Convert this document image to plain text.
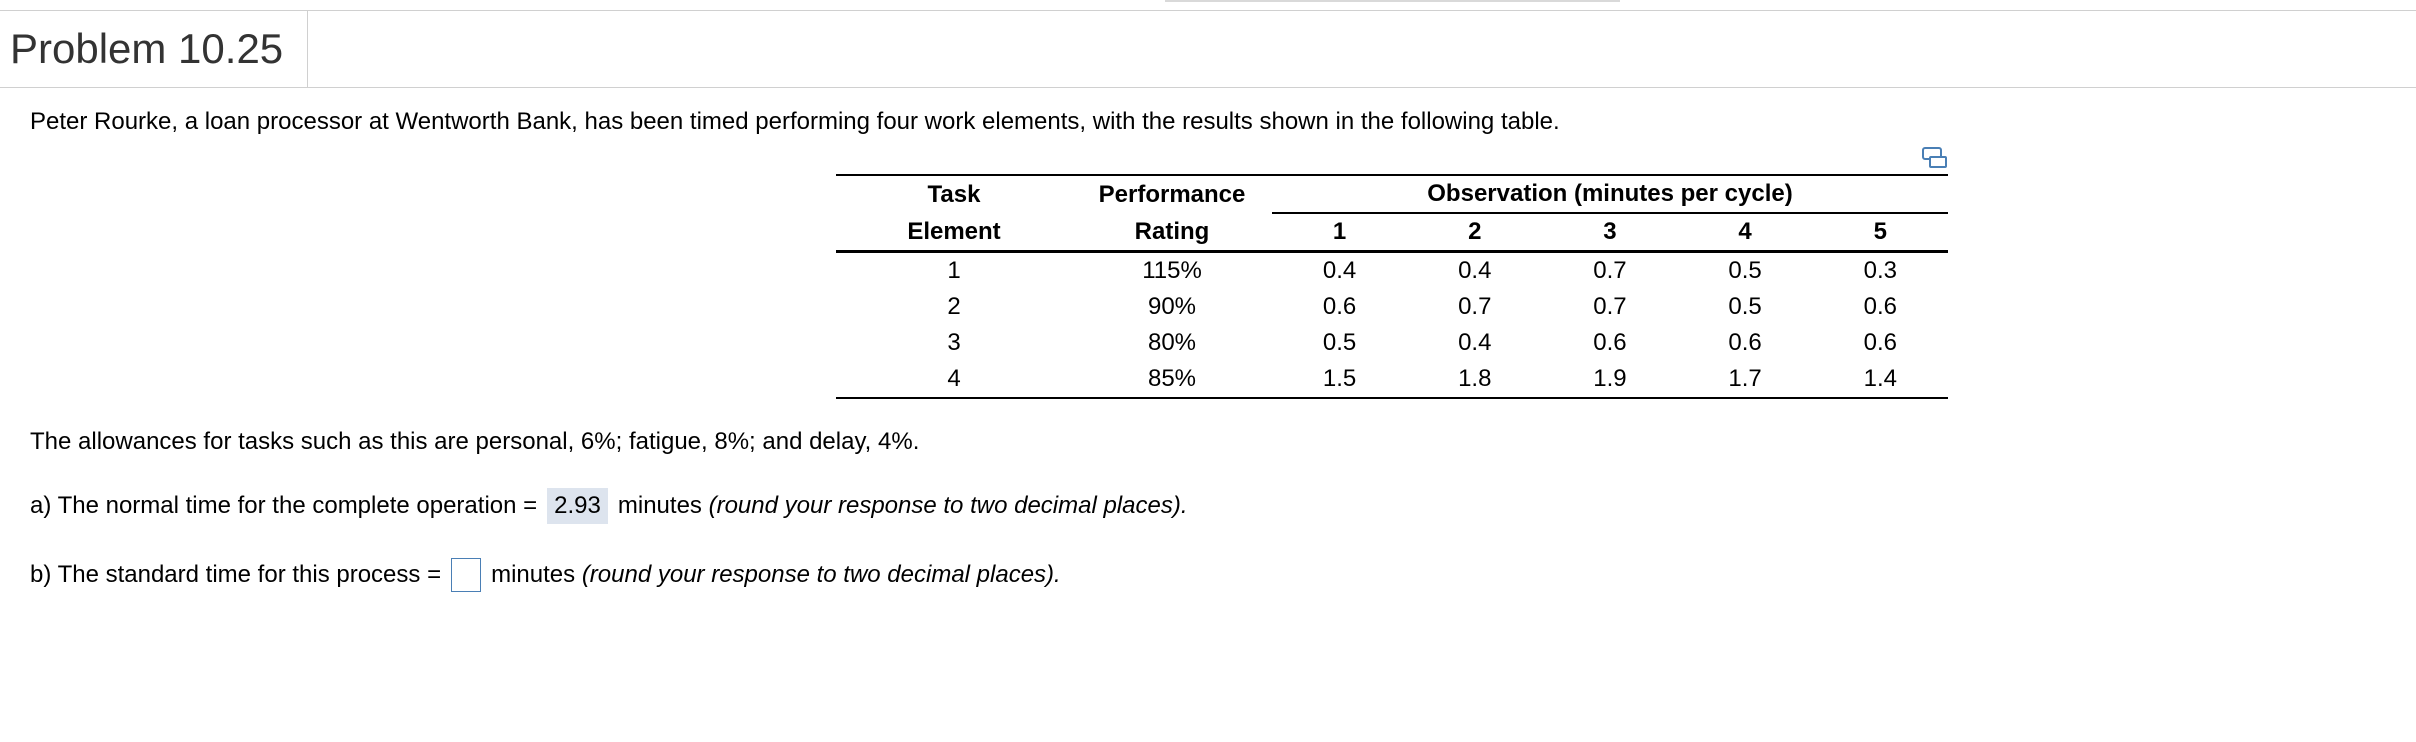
Problem 10.25
Peter Rourke, a loan processor at Wentworth Bank, has been timed performing four work elements, with the results shown in the following table.
Task	Performance	Observation (minutes per cycle)				
Element	Rating	1	2	3	4	5
1	115%	0.4	0.4	0.7	0.5	0.3
2	90%	0.6	0.7	0.7	0.5	0.6
3	80%	0.5	0.4	0.6	0.6	0.6
4	85%	1.5	1.8	1.9	1.7	1.4
The allowances for tasks such as this are personal, 6%; fatigue, 8%; and delay, 4%.
a) The normal time for the complete operation = 2.93 minutes
(round your response to two decimal places).
b) The standard time for this process = minutes
(round your response to two decimal places).
